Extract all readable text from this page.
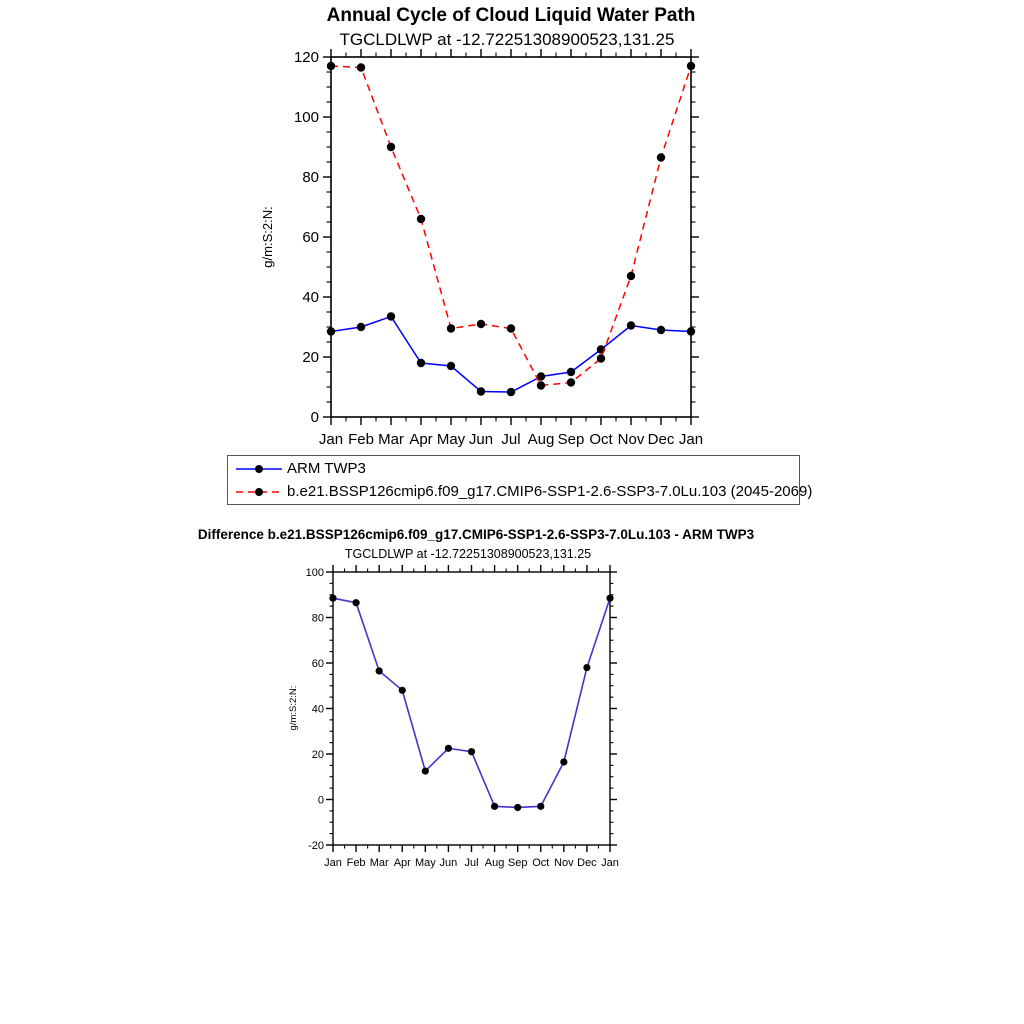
Annual Cycle of Cloud Liquid Water Path
TGCLDLWP at -12.72251308900523,131.25
g/m:S:2:N:
g/m:S:2:N:
Jan Feb Mar Apr May Jun Jul Aug Sep Oct Nov Dec Jan
0
20
40
60
80
100
120
Jan Feb Mar Apr May Jun Jul Aug Sep Oct Nov Dec Jan
-20
0
20
40
60
80
100
ARM TWP3
b.e21.BSSP126cmip6.f09_g17.CMIP6-SSP1-2.6-SSP3-7.0Lu.103 (2045-2069)
Difference b.e21.BSSP126cmip6.f09_g17.CMIP6-SSP1-2.6-SSP3-7.0Lu.103 - ARM TWP3
TGCLDLWP at -12.72251308900523,131.25
